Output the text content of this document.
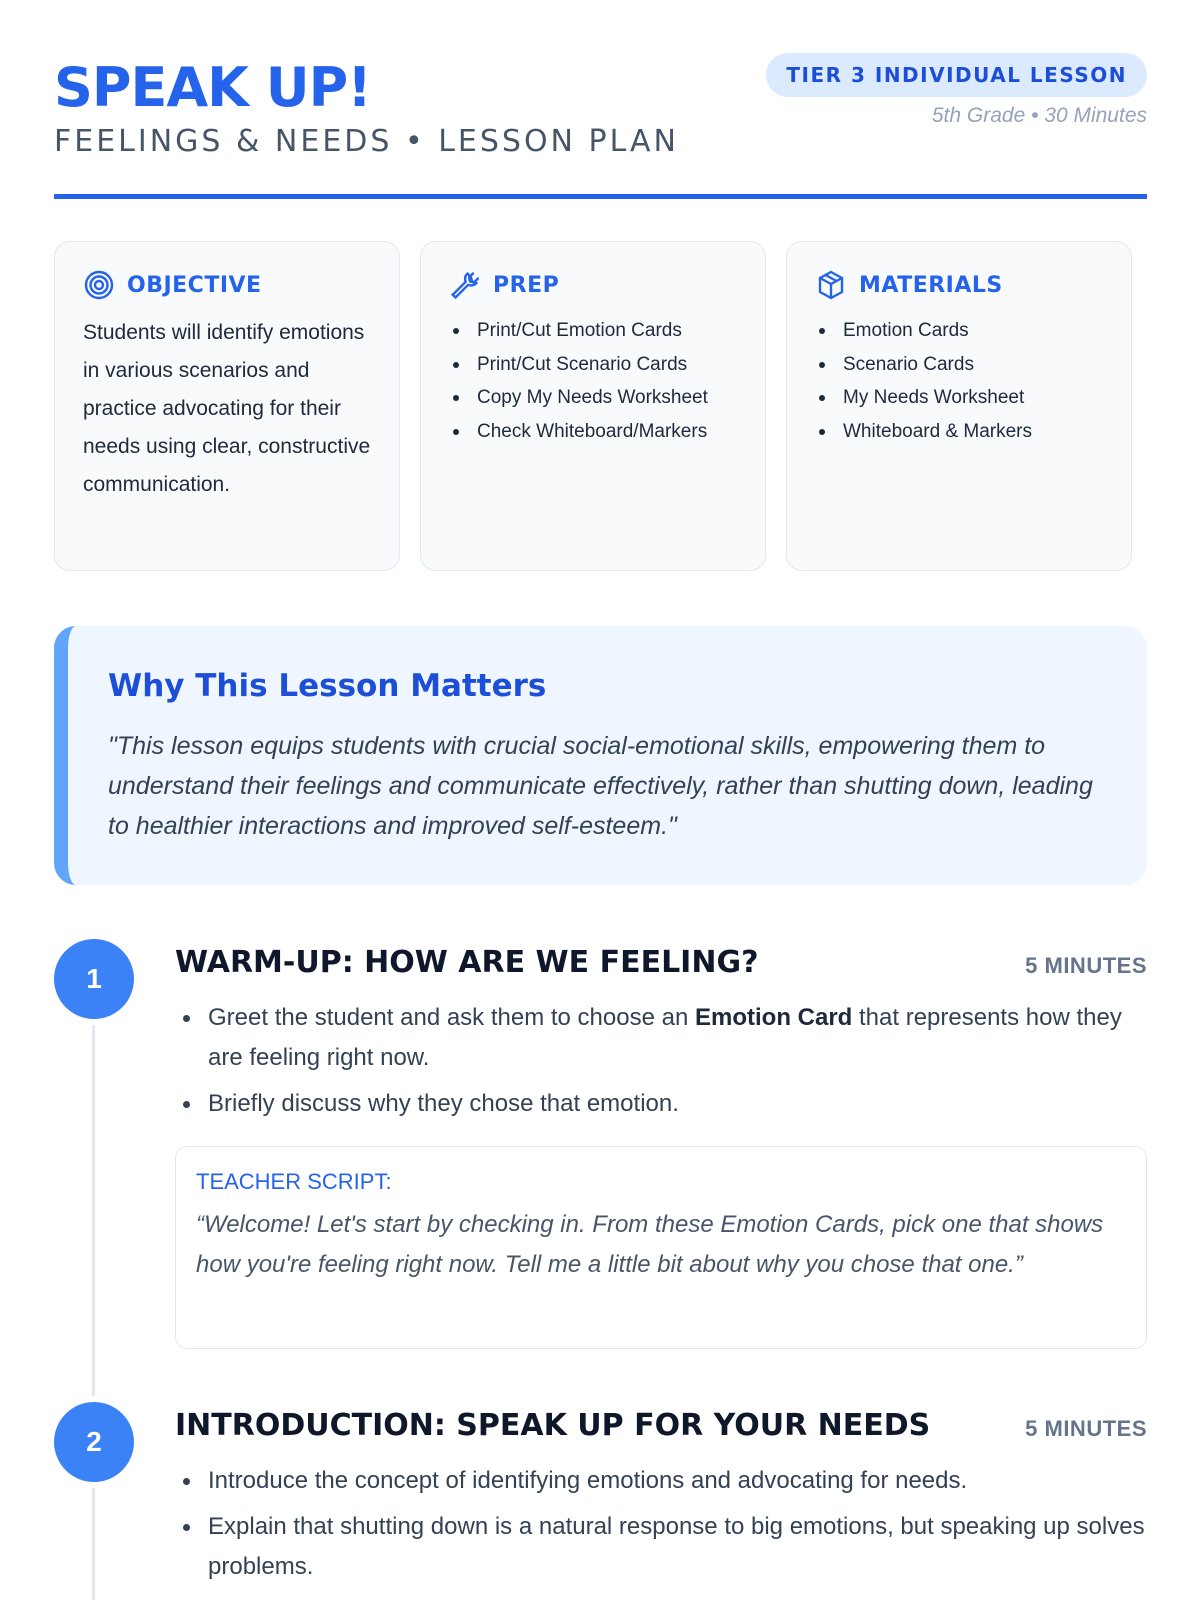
SPEAK UP!
FEELINGS & NEEDS • LESSON PLAN
TIER 3 INDIVIDUAL LESSON
5th Grade • 30 Minutes
OBJECTIVE

Students will identify emotions in various scenarios and practice advocating for their needs using clear, constructive communication.

PREP
Print/Cut Emotion Cards
Print/Cut Scenario Cards
Copy My Needs Worksheet
Check Whiteboard/Markers
MATERIALS
Emotion Cards
Scenario Cards
My Needs Worksheet
Whiteboard & Markers
Why This Lesson Matters

"This lesson equips students with crucial social-emotional skills, empowering them to understand their feelings and communicate effectively, rather than shutting down, leading to healthier interactions and improved self-esteem."

1	WARM-UP: HOW ARE WE FEELING?	5 MINUTES
Greet the student and ask them to choose an Emotion Card that represents how they are feeling right now.
Briefly discuss why they chose that emotion.
TEACHER SCRIPT:

“Welcome! Let's start by checking in. From these Emotion Cards, pick one that shows how you're feeling right now. Tell me a little bit about why you chose that one.”

2	INTRODUCTION: SPEAK UP FOR YOUR NEEDS	5 MINUTES
Introduce the concept of identifying emotions and advocating for needs.
Explain that shutting down is a natural response to big emotions, but speaking up solves problems.
